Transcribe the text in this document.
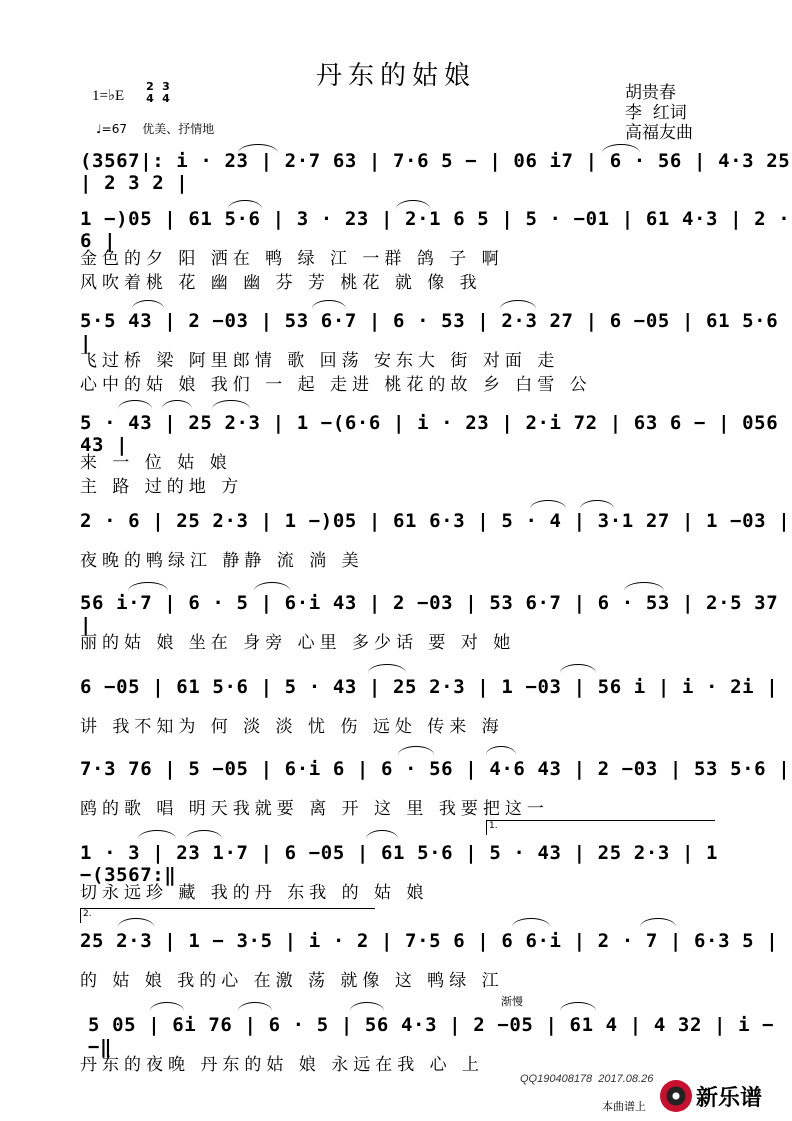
丹东的姑娘
1=♭E

2

4

3

4

♩=67    优美、抒情地
胡贵春
李  红词
高福友曲
(3567|: i · 23 | 2·7 63 | 7·6 5 − | 06 i7 | 6 · 56 | 4·3 25 | 2 3 2 |
1 −)05 | 61 5·6 | 3 · 23 | 2·1 6 5 | 5 · −01 | 61 4·3 | 2 · 6 |
金色的夕 阳 洒在 鸭 绿 江 一群 鸽 子 啊
风吹着桃 花 幽 幽 芬 芳 桃花 就 像 我
5·5 43 | 2 −03 | 53 6·7 | 6 · 53 | 2·3 27 | 6 −05 | 61 5·6 |
飞过桥 梁 阿里郎情 歌 回荡 安东大 街 对面 走
心中的姑 娘 我们 一 起 走进 桃花的故 乡 白雪 公
5 · 43 | 25 2·3 | 1 −(6·6 | i · 23 | 2·i 72 | 63 6 − | 056 43 |
来 一 位 姑 娘
主 路 过的地 方
2 · 6 | 25 2·3 | 1 −)05 | 61 6·3 | 5 · 4 | 3·1 27 | 1 −03 |
夜晚的鸭绿江 静静 流 淌 美
56 i·7 | 6 · 5 | 6·i 43 | 2 −03 | 53 6·7 | 6 · 53 | 2·5 37 |
丽的姑 娘 坐在 身旁 心里 多少话 要 对 她
6 −05 | 61 5·6 | 5 · 43 | 25 2·3 | 1 −03 | 56 i | i · 2i |
讲 我不知为 何 淡 淡 忧 伤 远处 传来 海
7·3 76 | 5 −05 | 6·i 6 | 6 · 56 | 4·6 43 | 2 −03 | 53 5·6 |
鸥的歌 唱 明天我就要 离 开 这 里 我要把这一
1.
1 · 3 | 23 1·7 | 6 −05 | 61 5·6 | 5 · 43 | 25 2·3 | 1 −(3567:‖
切永远珍 藏 我的丹 东我 的 姑 娘
2.
25 2·3 | 1 − 3·5 | i · 2 | 7·5 6 | 6 6·i | 2 · 7 | 6·3 5 |
的 姑 娘 我的心 在激 荡 就像 这 鸭绿 江
渐慢
5 05 | 6i 76 | 6 · 5 | 56 4·3 | 2 −05 | 61 4 | 4 32 | i − −‖
丹东的夜晚 丹东的姑 娘 永远在我 心 上
QQ190408178  2017.08.26
本曲谱上 新乐谱
